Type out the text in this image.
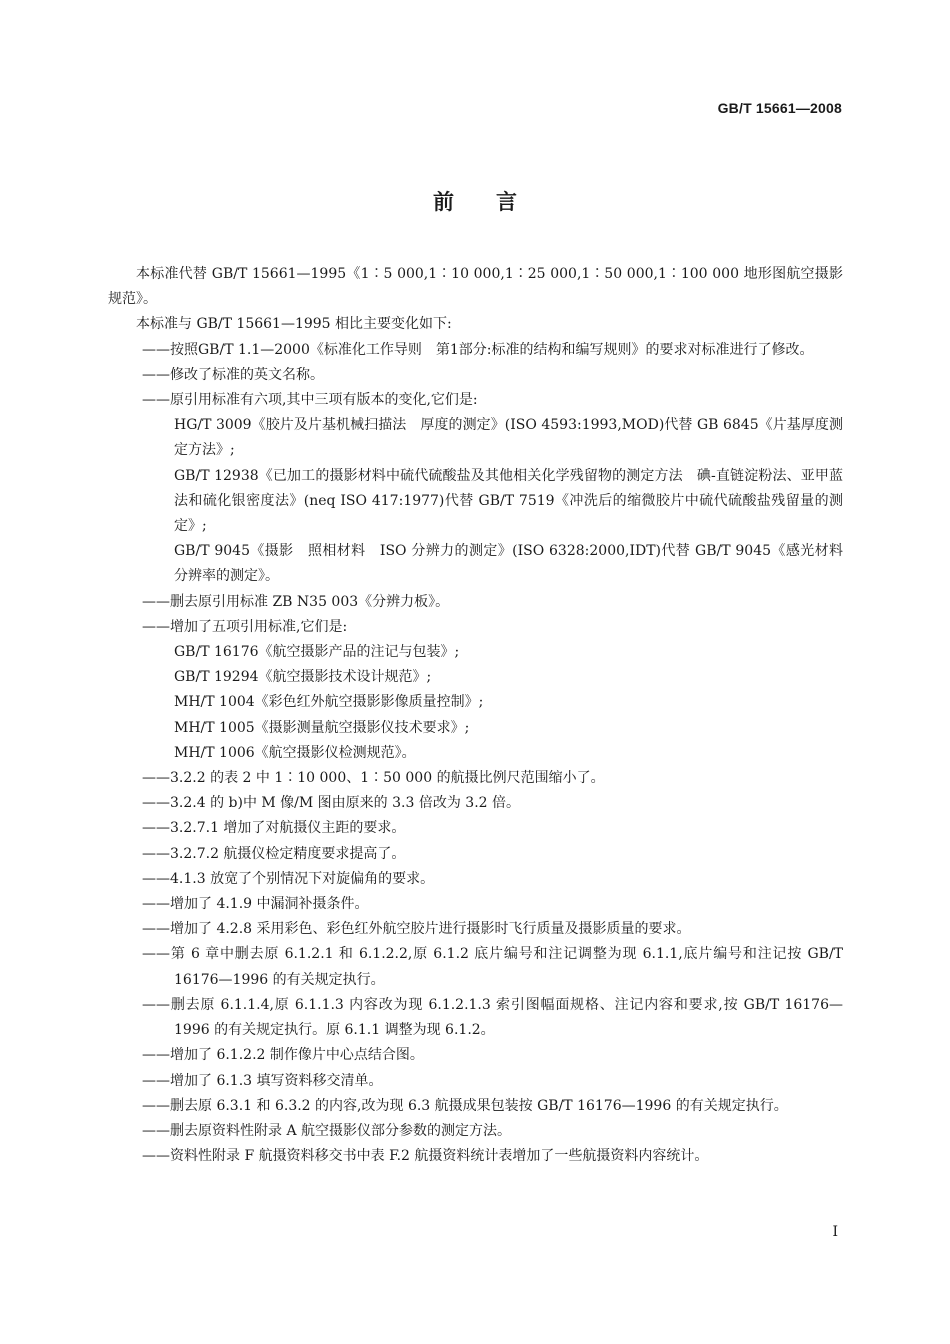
GB/T 15661—2008
前言

本标准代替 GB/T 15661—1995《1∶5 000,1∶10 000,1∶25 000,1∶50 000,1∶100 000 地形图航空摄影规范》。

本标准与 GB/T 15661—1995 相比主要变化如下:

——按照GB/T 1.1—2000《标准化工作导则　第1部分:标准的结构和编写规则》的要求对标准进行了修改。

——修改了标准的英文名称。

——原引用标准有六项,其中三项有版本的变化,它们是:

HG/T 3009《胶片及片基机械扫描法　厚度的测定》(ISO 4593:1993,MOD)代替 GB 6845《片基厚度测定方法》;

GB/T 12938《已加工的摄影材料中硫代硫酸盐及其他相关化学残留物的测定方法　碘-直链淀粉法、亚甲蓝法和硫化银密度法》(neq ISO 417:1977)代替 GB/T 7519《冲洗后的缩微胶片中硫代硫酸盐残留量的测定》;

GB/T 9045《摄影　照相材料　ISO 分辨力的测定》(ISO 6328:2000,IDT)代替 GB/T 9045《感光材料分辨率的测定》。

——删去原引用标准 ZB N35 003《分辨力板》。

——增加了五项引用标准,它们是:

GB/T 16176《航空摄影产品的注记与包装》;

GB/T 19294《航空摄影技术设计规范》;

MH/T 1004《彩色红外航空摄影影像质量控制》;

MH/T 1005《摄影测量航空摄影仪技术要求》;

MH/T 1006《航空摄影仪检测规范》。

——3.2.2 的表 2 中 1∶10 000、1∶50 000 的航摄比例尺范围缩小了。

——3.2.4 的 b)中 M 像/M 图由原来的 3.3 倍改为 3.2 倍。

——3.2.7.1 增加了对航摄仪主距的要求。

——3.2.7.2 航摄仪检定精度要求提高了。

——4.1.3 放宽了个别情况下对旋偏角的要求。

——增加了 4.1.9 中漏洞补摄条件。

——增加了 4.2.8 采用彩色、彩色红外航空胶片进行摄影时飞行质量及摄影质量的要求。

——第 6 章中删去原 6.1.2.1 和 6.1.2.2,原 6.1.2 底片编号和注记调整为现 6.1.1,底片编号和注记按 GB/T 16176—1996 的有关规定执行。

——删去原 6.1.1.4,原 6.1.1.3 内容改为现 6.1.2.1.3 索引图幅面规格、注记内容和要求,按 GB/T 16176—1996 的有关规定执行。原 6.1.1 调整为现 6.1.2。

——增加了 6.1.2.2 制作像片中心点结合图。

——增加了 6.1.3 填写资料移交清单。

——删去原 6.3.1 和 6.3.2 的内容,改为现 6.3 航摄成果包装按 GB/T 16176—1996 的有关规定执行。

——删去原资料性附录 A 航空摄影仪部分参数的测定方法。

——资料性附录 F 航摄资料移交书中表 F.2 航摄资料统计表增加了一些航摄资料内容统计。

I
